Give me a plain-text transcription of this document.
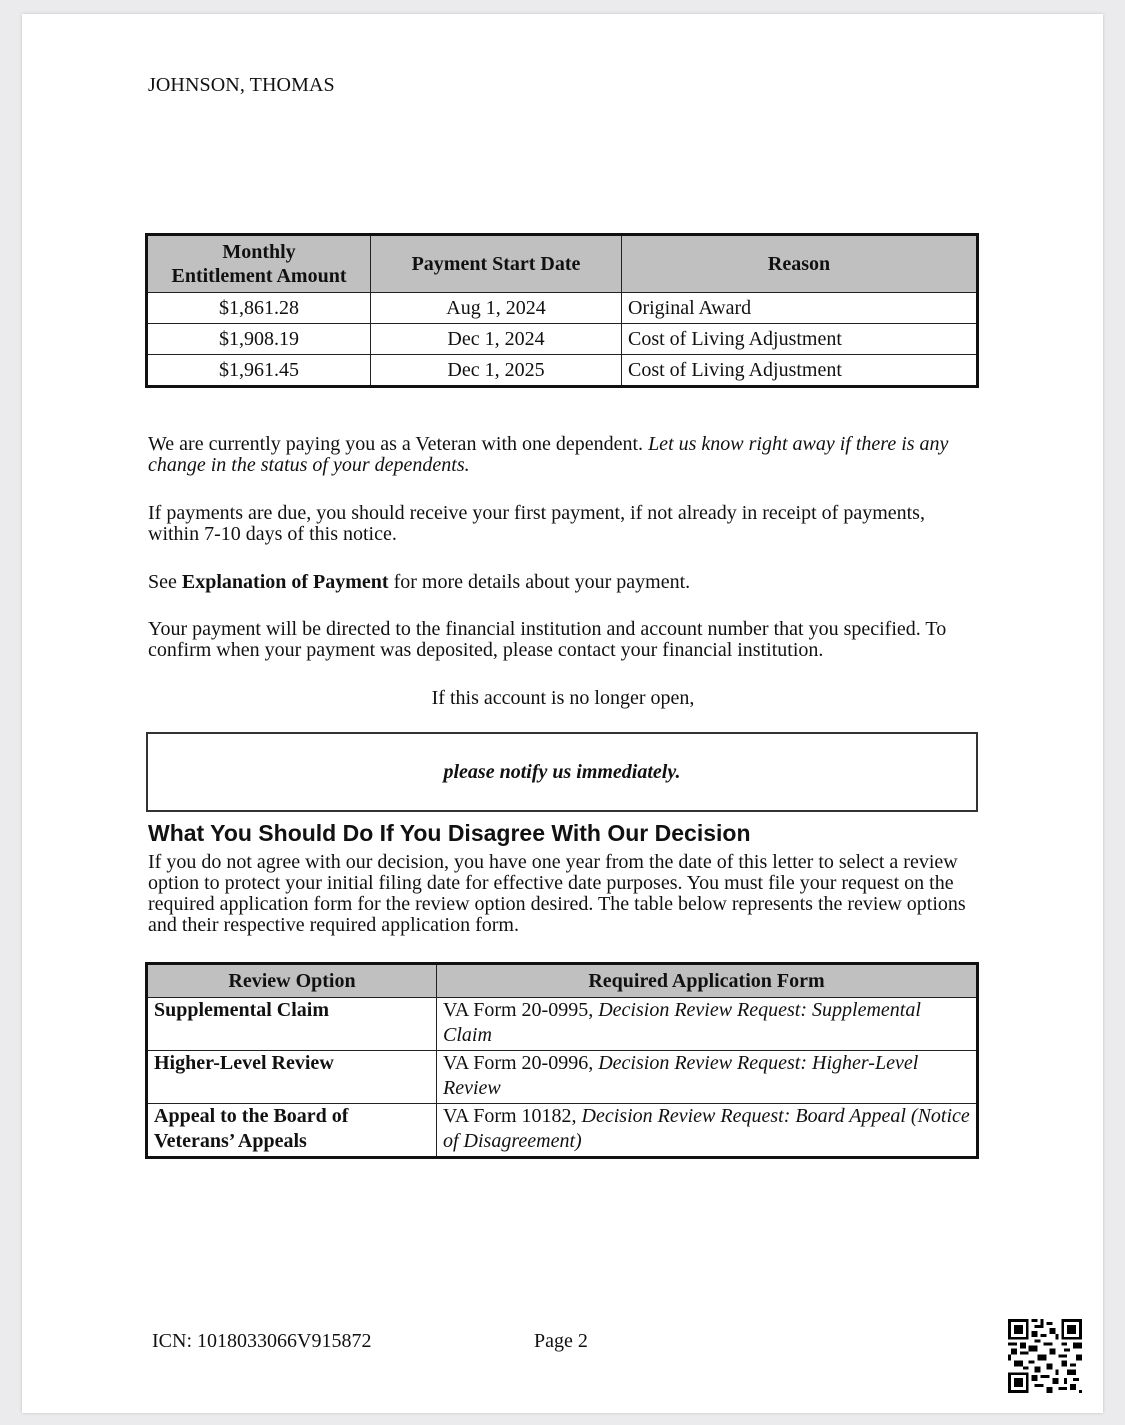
JOHNSON, THOMAS
Monthly
Entitlement Amount	Payment Start Date	Reason
$1,861.28	Aug 1, 2024	Original Award
$1,908.19	Dec 1, 2024	Cost of Living Adjustment
$1,961.45	Dec 1, 2025	Cost of Living Adjustment
We are currently paying you as a Veteran with one dependent. Let us know right away if there is any change in the status of your dependents.
If payments are due, you should receive your first payment, if not already in receipt of payments, within 7-10 days of this notice.
See Explanation of Payment for more details about your payment.
Your payment will be directed to the financial institution and account number that you specified. To confirm when your payment was deposited, please contact your financial institution.
If this account is no longer open,
please notify us immediately.
What You Should Do If You Disagree With Our Decision
If you do not agree with our decision, you have one year from the date of this letter to select a review option to protect your initial filing date for effective date purposes. You must file your request on the required application form for the review option desired. The table below represents the review options and their respective required application form.
Review Option	Required Application Form
Supplemental Claim	VA Form 20-0995, Decision Review Request: Supplemental Claim
Higher-Level Review	VA Form 20-0996, Decision Review Request: Higher-Level Review
Appeal to the Board of Veterans’ Appeals	VA Form 10182, Decision Review Request: Board Appeal (Notice of Disagreement)
ICN: 1018033066V915872	Page 2
